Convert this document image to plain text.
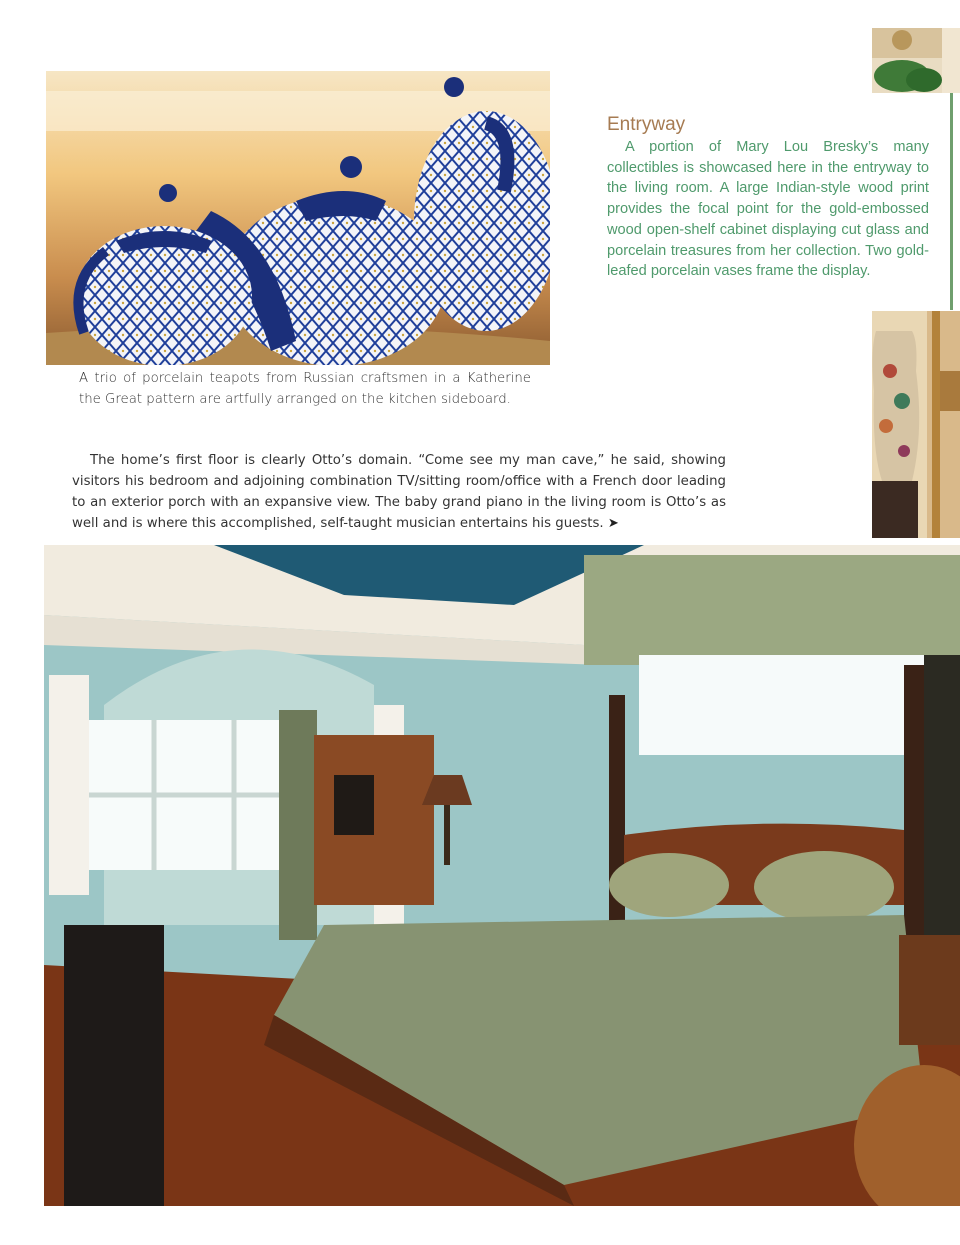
Entryway
A portion of Mary Lou Bresky’s many collectibles is showcased here in the entryway to the living room. A large Indian-style wood print provides the focal point for the gold-embossed wood open-shelf cabinet displaying cut glass and porcelain treasures from her collection. Two gold-leafed porcelain vases frame the display.
A trio of porcelain teapots from Russian craftsmen in a Katherine the Great pattern are artfully arranged on the kitchen sideboard.
The home’s first floor is clearly Otto’s domain. “Come see my man cave,” he said, showing visitors his bedroom and adjoining combination TV/sitting room/office with a French door leading to an exterior porch with an expansive view. The baby grand piano in the living room is Otto’s as well and is where this accomplished, self-taught musician entertains his guests. ➤
